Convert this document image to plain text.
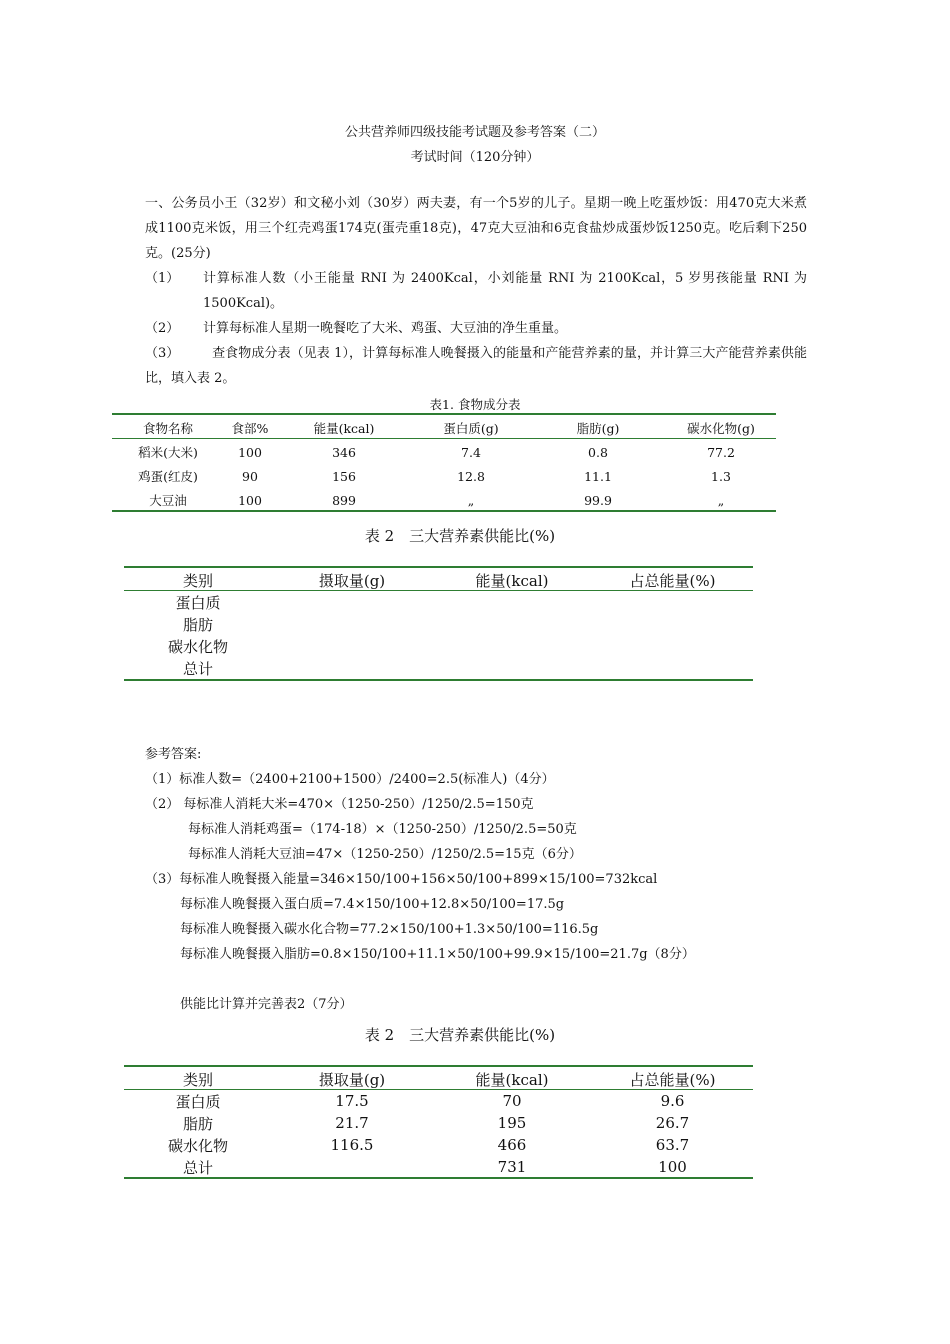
公共营养师四级技能考试题及参考答案（二）
考试时间（120分钟）
一、公务员小王（32岁）和文秘小刘（30岁）两夫妻，有一个5岁的儿子。星期一晚上吃蛋炒饭：用470克大米煮成1100克米饭，用三个红壳鸡蛋174克(蛋壳重18克)，47克大豆油和6克食盐炒成蛋炒饭1250克。吃后剩下250克。(25分)
（1） 计算标准人数（小王能量 RNI 为 2400Kcal，小刘能量 RNI 为 2100Kcal，5 岁男孩能量 RNI 为 1500Kcal)。
（2） 计算每标准人星期一晚餐吃了大米、鸡蛋、大豆油的净生重量。
（3）	查食物成分表（见表 1），计算每标准人晚餐摄入的能量和产能营养素的量，并计算三大产能营养素供能比，填入表 2。
表1. 食物成分表
食物名称	食部%	能量(kcal)	蛋白质(g)	脂肪(g)	碳水化物(g)
稻米(大米)	100	346	7.4	0.8	77.2
鸡蛋(红皮)	90	156	12.8	11.1	1.3
大豆油	100	899	„	99.9	„
表 2　三大营养素供能比(%)
类别	摄取量(g)	能量(kcal)	占总能量(%)
蛋白质			
脂肪			
碳水化物			
总计			
参考答案:
（1）标准人数=（2400+2100+1500）/2400=2.5(标准人)（4分）
（2） 每标准人消耗大米=470×（1250-250）/1250/2.5=150克
每标准人消耗鸡蛋=（174-18）×（1250-250）/1250/2.5=50克
每标准人消耗大豆油=47×（1250-250）/1250/2.5=15克（6分）
（3）每标准人晚餐摄入能量=346×150/100+156×50/100+899×15/100=732kcal
每标准人晚餐摄入蛋白质=7.4×150/100+12.8×50/100=17.5g
每标准人晚餐摄入碳水化合物=77.2×150/100+1.3×50/100=116.5g
每标准人晚餐摄入脂肪=0.8×150/100+11.1×50/100+99.9×15/100=21.7g（8分）
供能比计算并完善表2（7分）
表 2　三大营养素供能比(%)
类别	摄取量(g)	能量(kcal)	占总能量(%)
蛋白质	17.5	70	9.6
脂肪	21.7	195	26.7
碳水化物	116.5	466	63.7
总计		731	100
